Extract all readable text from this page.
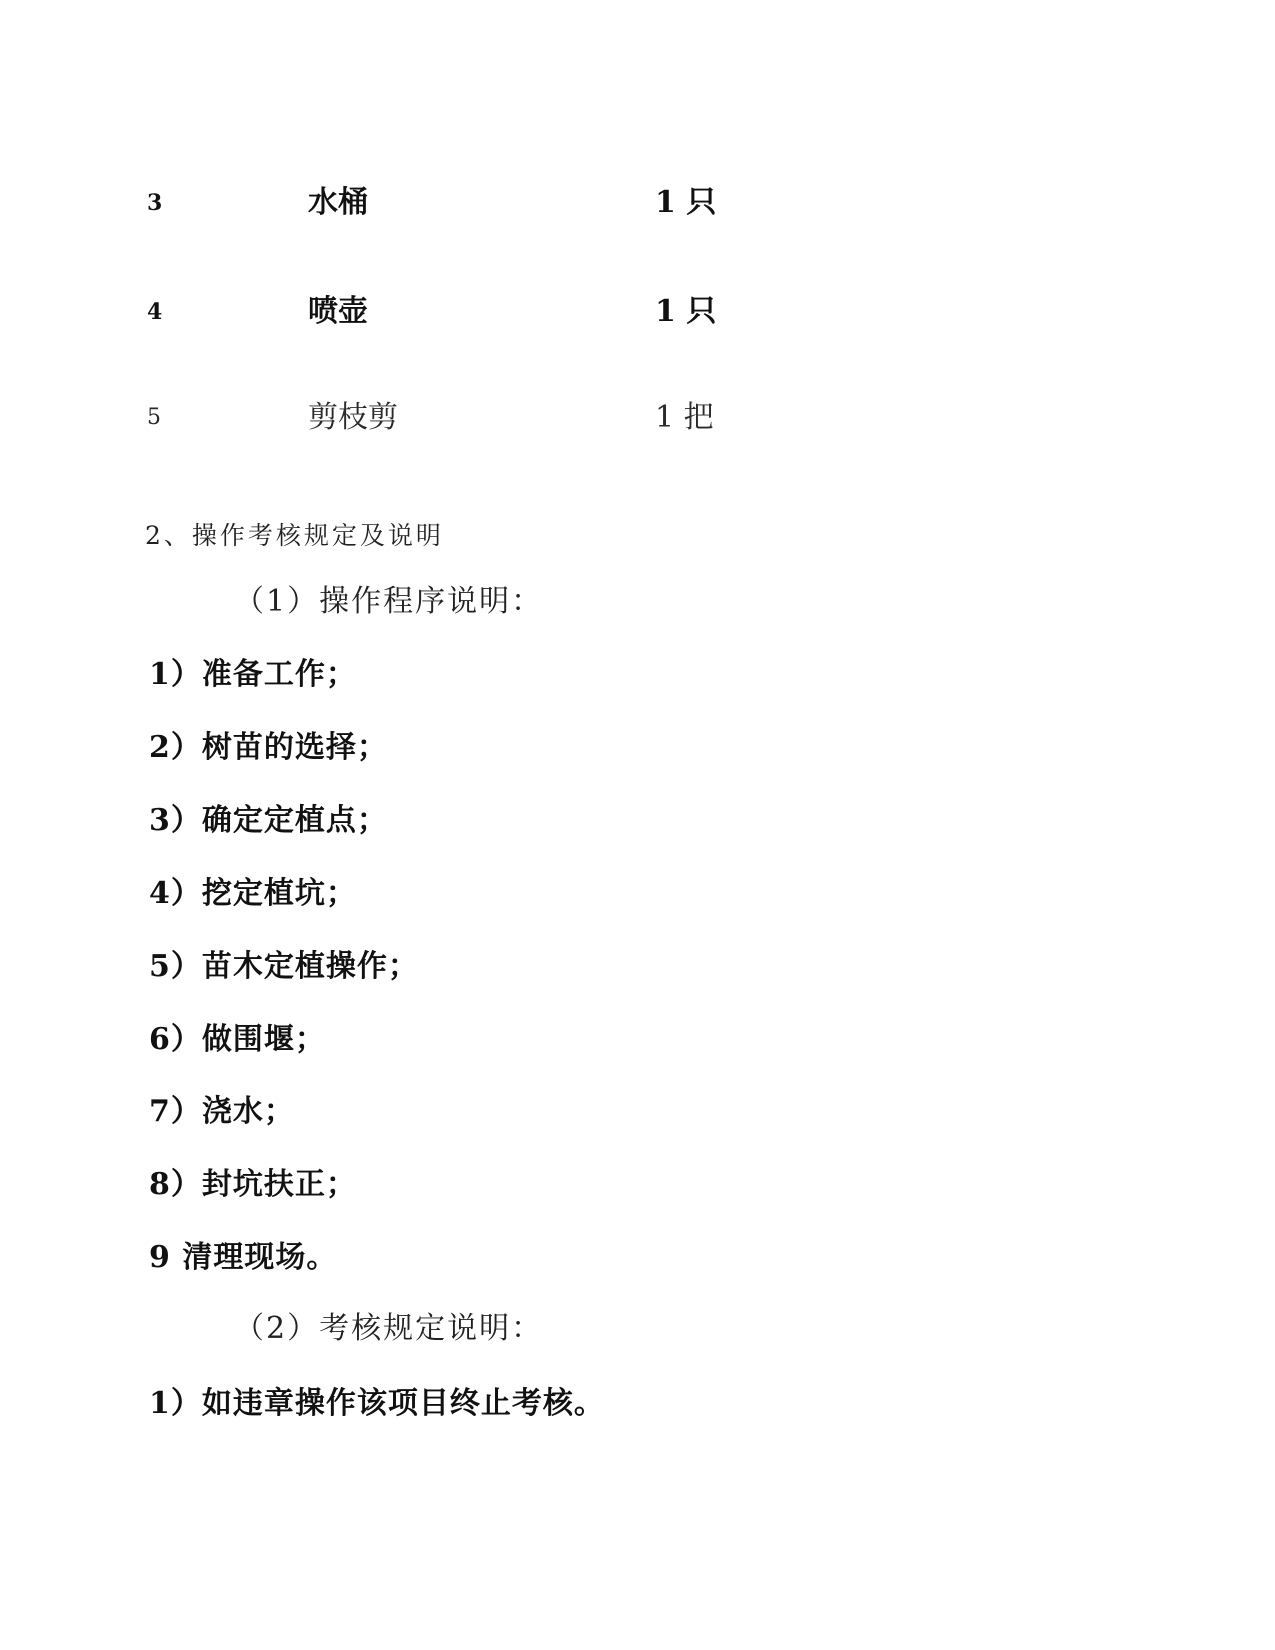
3	水桶	1 只
4	喷壶	1 只
5	剪枝剪	1 把
2、操作考核规定及说明
（1）操作程序说明：
1）准备工作；
2）树苗的选择；
3）确定定植点；
4）挖定植坑；
5）苗木定植操作；
6）做围堰；
7）浇水；
8）封坑扶正；
9 清理现场。
（2）考核规定说明：
1）如违章操作该项目终止考核。
